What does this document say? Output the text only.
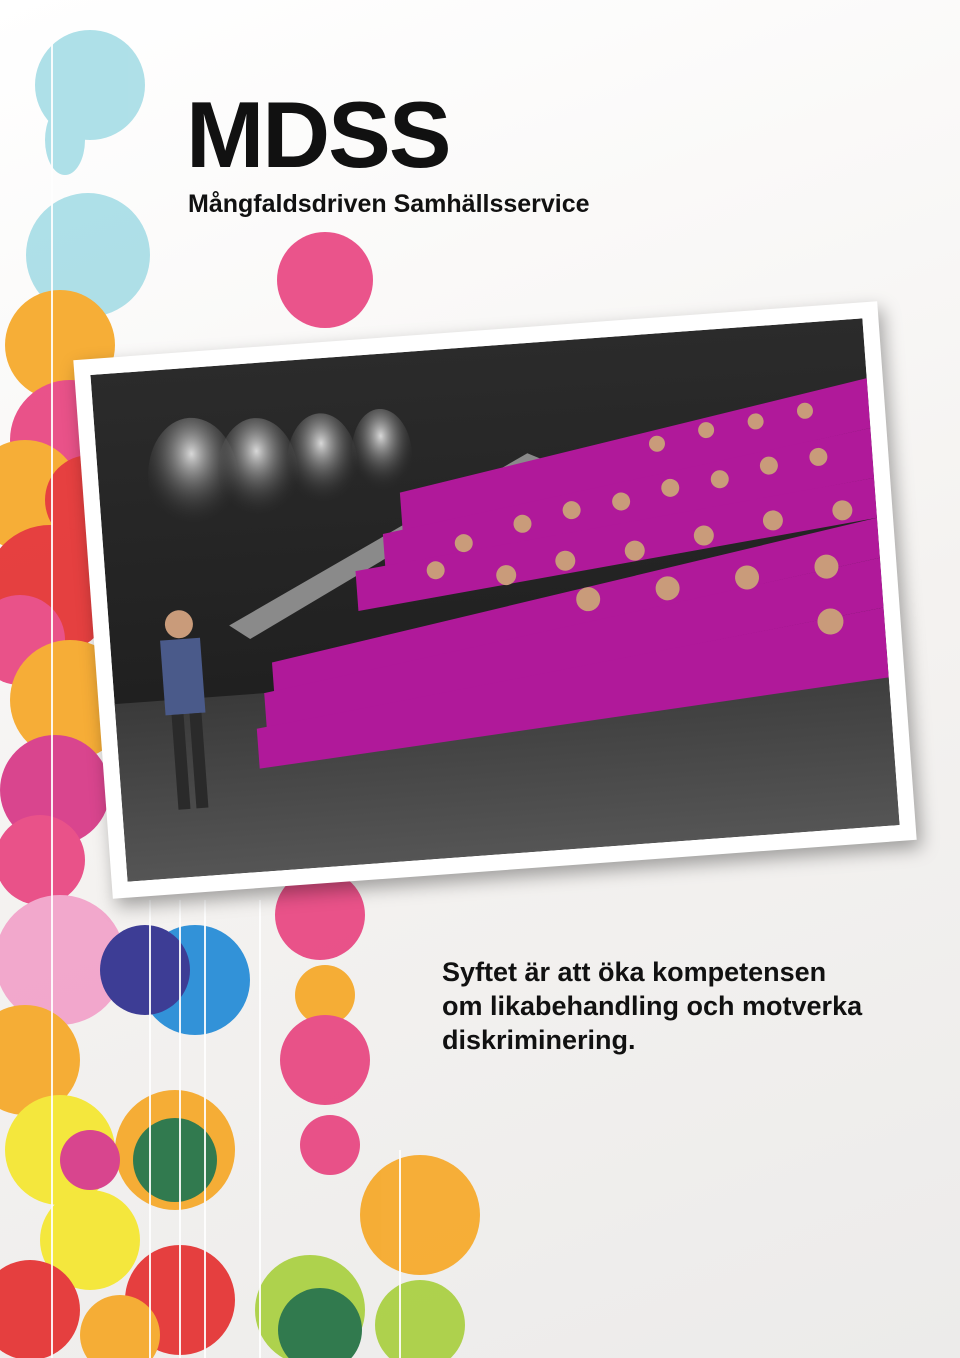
MDSS
Mångfaldsdriven Samhällsservice

Syftet är att öka kompetensen
om likabehandling och motverka
diskriminering.
